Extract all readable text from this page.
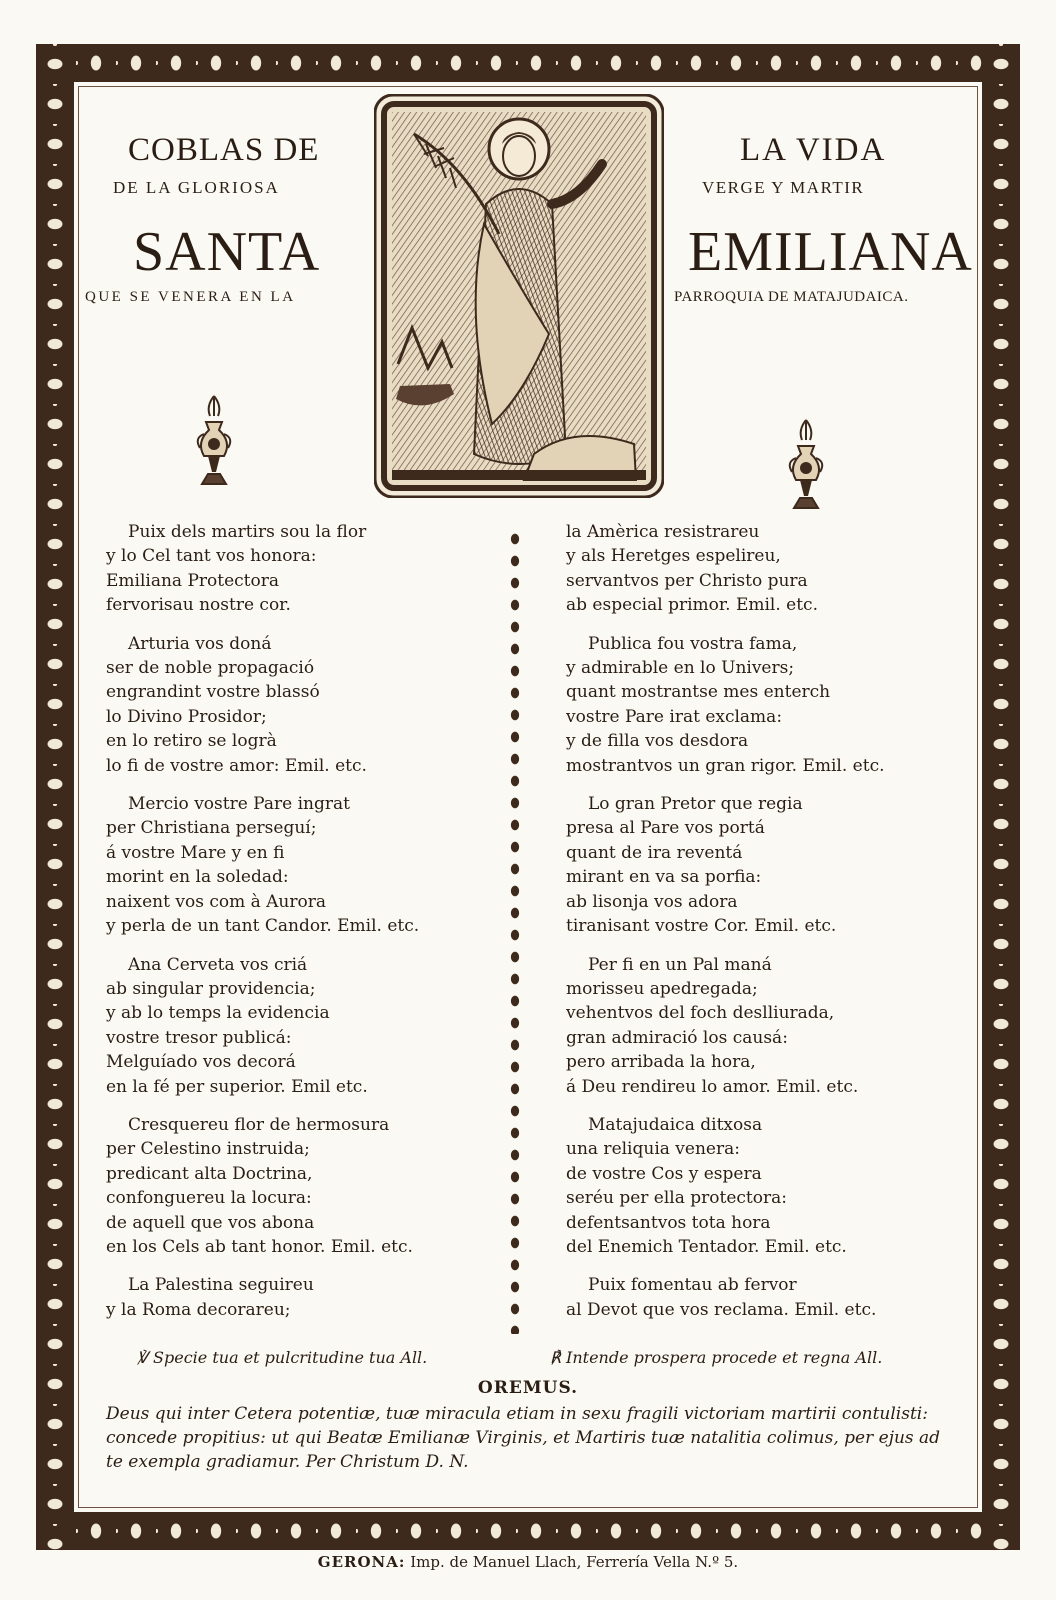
COBLAS DE	LA VIDA
DE LA GLORIOSA	VERGE Y MARTIR
SANTA	EMILIANA
QUE SE VENERA EN LA	PARROQUIA DE MATAJUDAICA.
Puix dels martirs sou la flor
y lo Cel tant vos honora:
Emiliana Protectora
fervorisau nostre cor.
Arturia vos doná
ser de noble propagació
engrandint vostre blassó
lo Divino Prosidor;
en lo retiro se logrà
lo fi de vostre amor: Emil. etc.
Mercio vostre Pare ingrat
per Christiana perseguí;
á vostre Mare y en fi
morint en la soledad:
naixent vos com à Aurora
y perla de un tant Candor. Emil. etc.
Ana Cerveta vos criá
ab singular providencia;
y ab lo temps la evidencia
vostre tresor publicá:
Melguíado vos decorá
en la fé per superior. Emil etc.
Cresquereu flor de hermosura
per Celestino instruida;
predicant alta Doctrina,
confonguereu la locura:
de aquell que vos abona
en los Cels ab tant honor. Emil. etc.
La Palestina seguireu
y la Roma decorareu;
la Amèrica resistrareu
y als Heretges espelireu,
servantvos per Christo pura
ab especial primor. Emil. etc.
Publica fou vostra fama,
y admirable en lo Univers;
quant mostrantse mes enterch
vostre Pare irat exclama:
y de filla vos desdora
mostrantvos un gran rigor. Emil. etc.
Lo gran Pretor que regia
presa al Pare vos portá
quant de ira reventá
mirant en va sa porfia:
ab lisonja vos adora
tiranisant vostre Cor. Emil. etc.
Per fi en un Pal maná
morisseu apedregada;
vehentvos del foch deslliurada,
gran admiració los causá:
pero arribada la hora,
á Deu rendireu lo amor. Emil. etc.
Matajudaica ditxosa
una reliquia venera:
de vostre Cos y espera
seréu per ella protectora:
defentsantvos tota hora
del Enemich Tentador. Emil. etc.
Puix fomentau ab fervor
al Devot que vos reclama. Emil. etc.
℣ Specie tua et pulcritudine tua All.	℟ Intende prospera procede et regna All.
OREMUS.
Deus qui inter Cetera potentiæ, tuæ miracula etiam in sexu fragili victoriam martirii contulisti:
concede propitius: ut qui Beatæ Emilianæ Virginis, et Martiris tuæ natalitia colimus, per ejus ad
te exempla gradiamur. Per Christum D. N.
GERONA: Imp. de Manuel Llach, Ferrería Vella N.º 5.
